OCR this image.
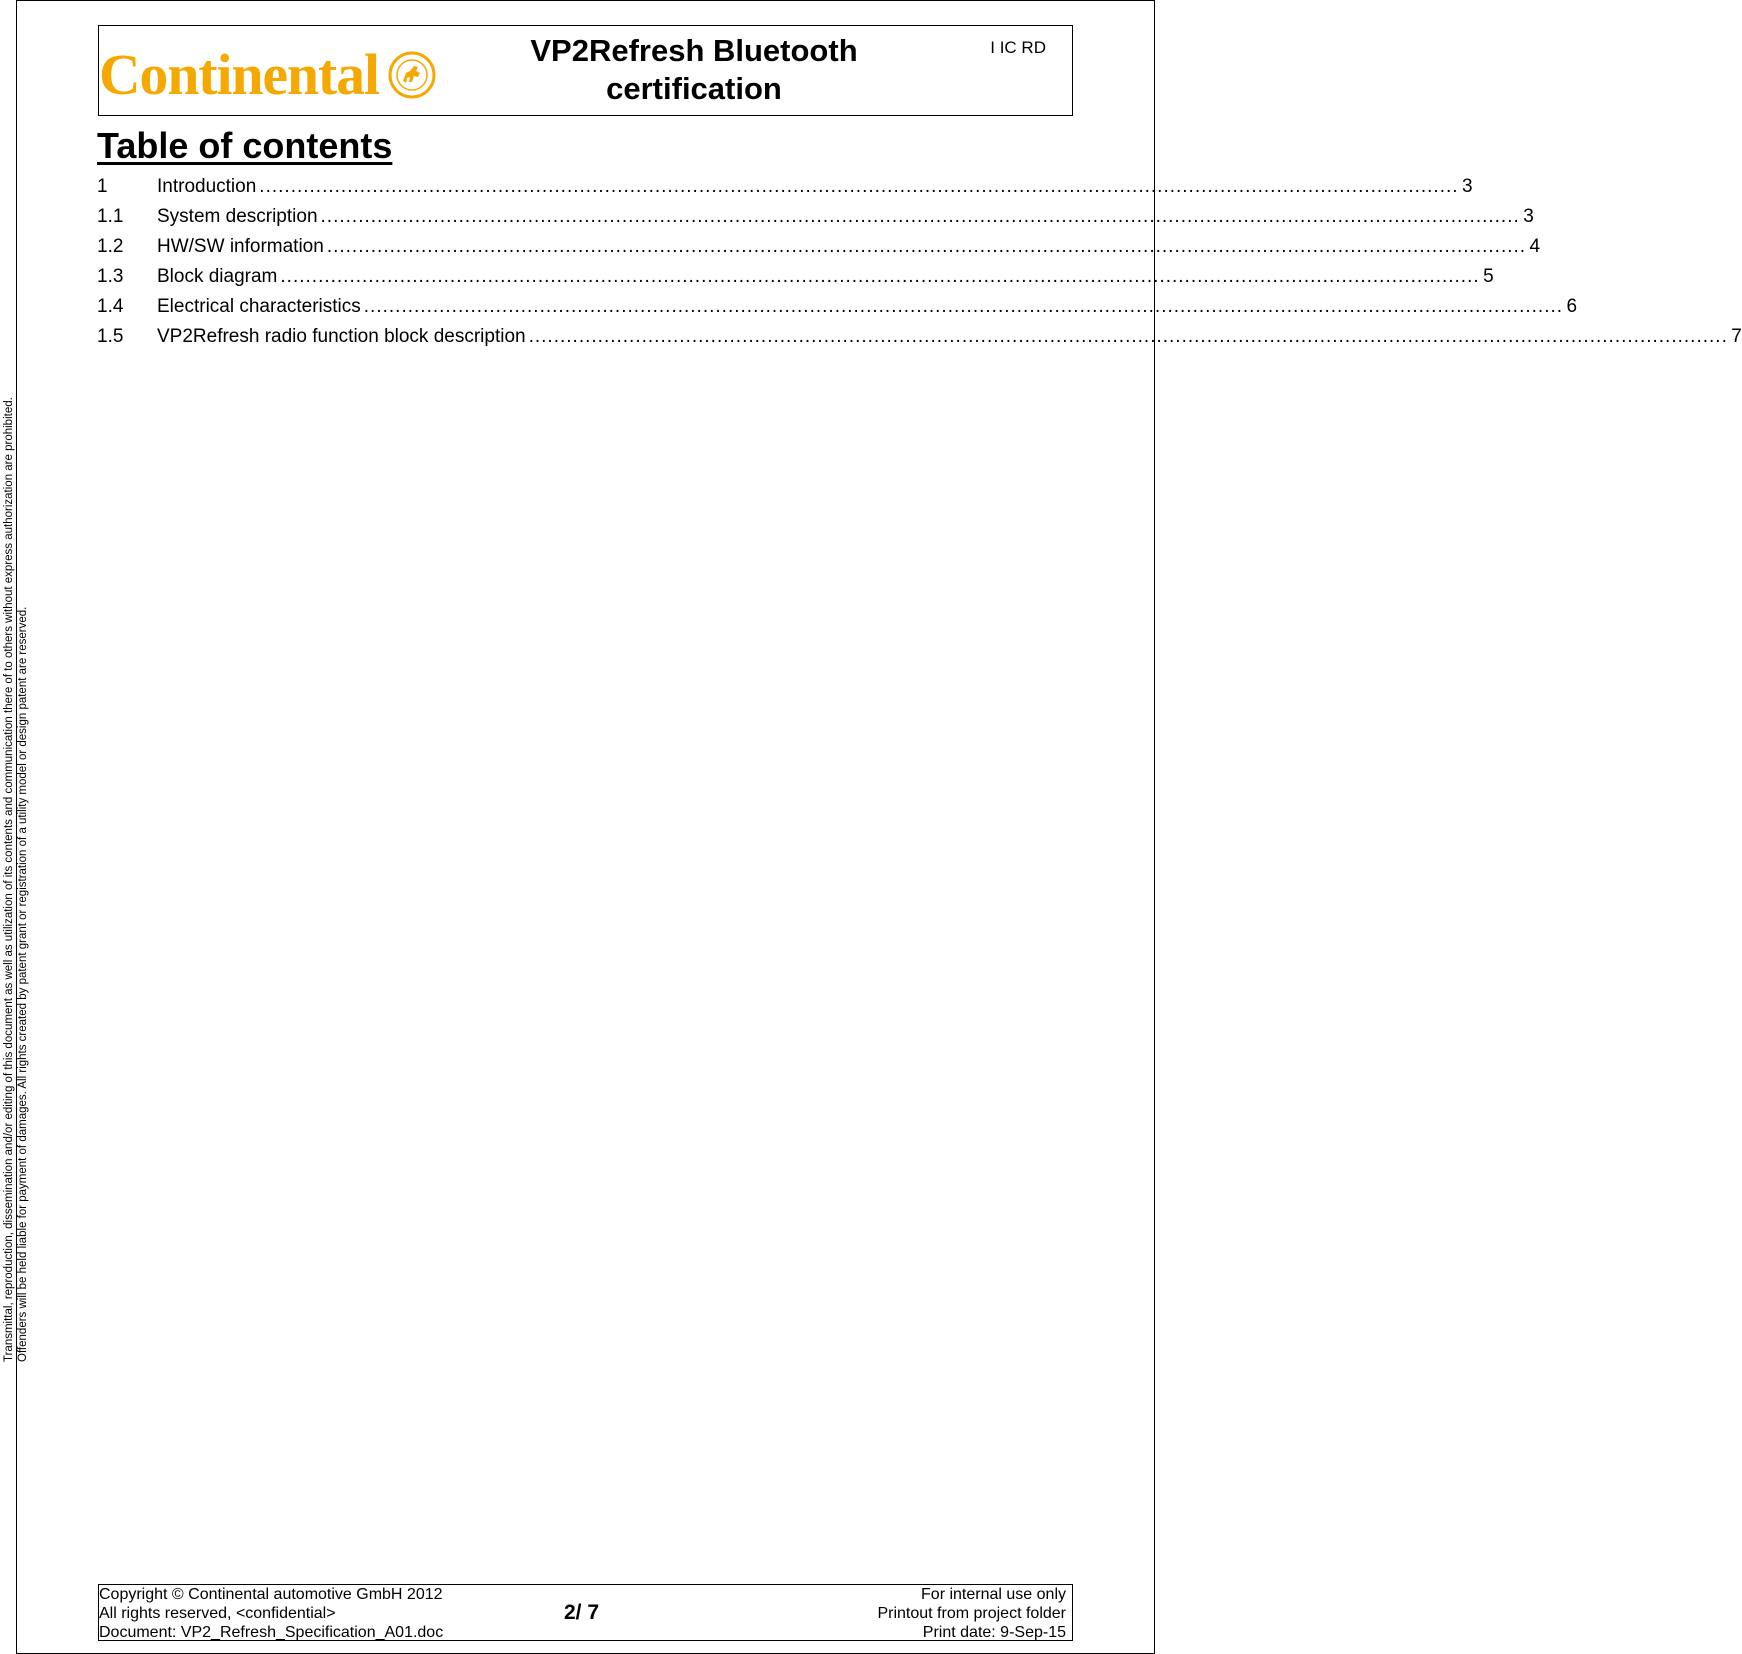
Transmittal, reproduction, dissemination and/or editing of this document as well as utilization of its contents and communication there of to others without express authorization are prohibited. Offenders will be held liable for payment of damages. All rights created by patent grant or registration of a utility model or design patent are reserved.
Continental	VP2Refresh Bluetooth
certification
I IC RD
Table of contents
1	Introduction ............................................................................................................................................................................................... 3
1.1	System description ............................................................................................................................................................................................... 3
1.2	HW/SW information ............................................................................................................................................................................................... 4
1.3	Block diagram ............................................................................................................................................................................................... 5
1.4	Electrical characteristics ............................................................................................................................................................................................... 6
1.5	VP2Refresh radio function block description ............................................................................................................................................................................................... 7
Copyright © Continental automotive GmbH 2012
All rights reserved, <confidential>
Document: VP2_Refresh_Specification_A01.doc
2/ 7
For internal use only
Printout from project folder
Print date: 9-Sep-15
